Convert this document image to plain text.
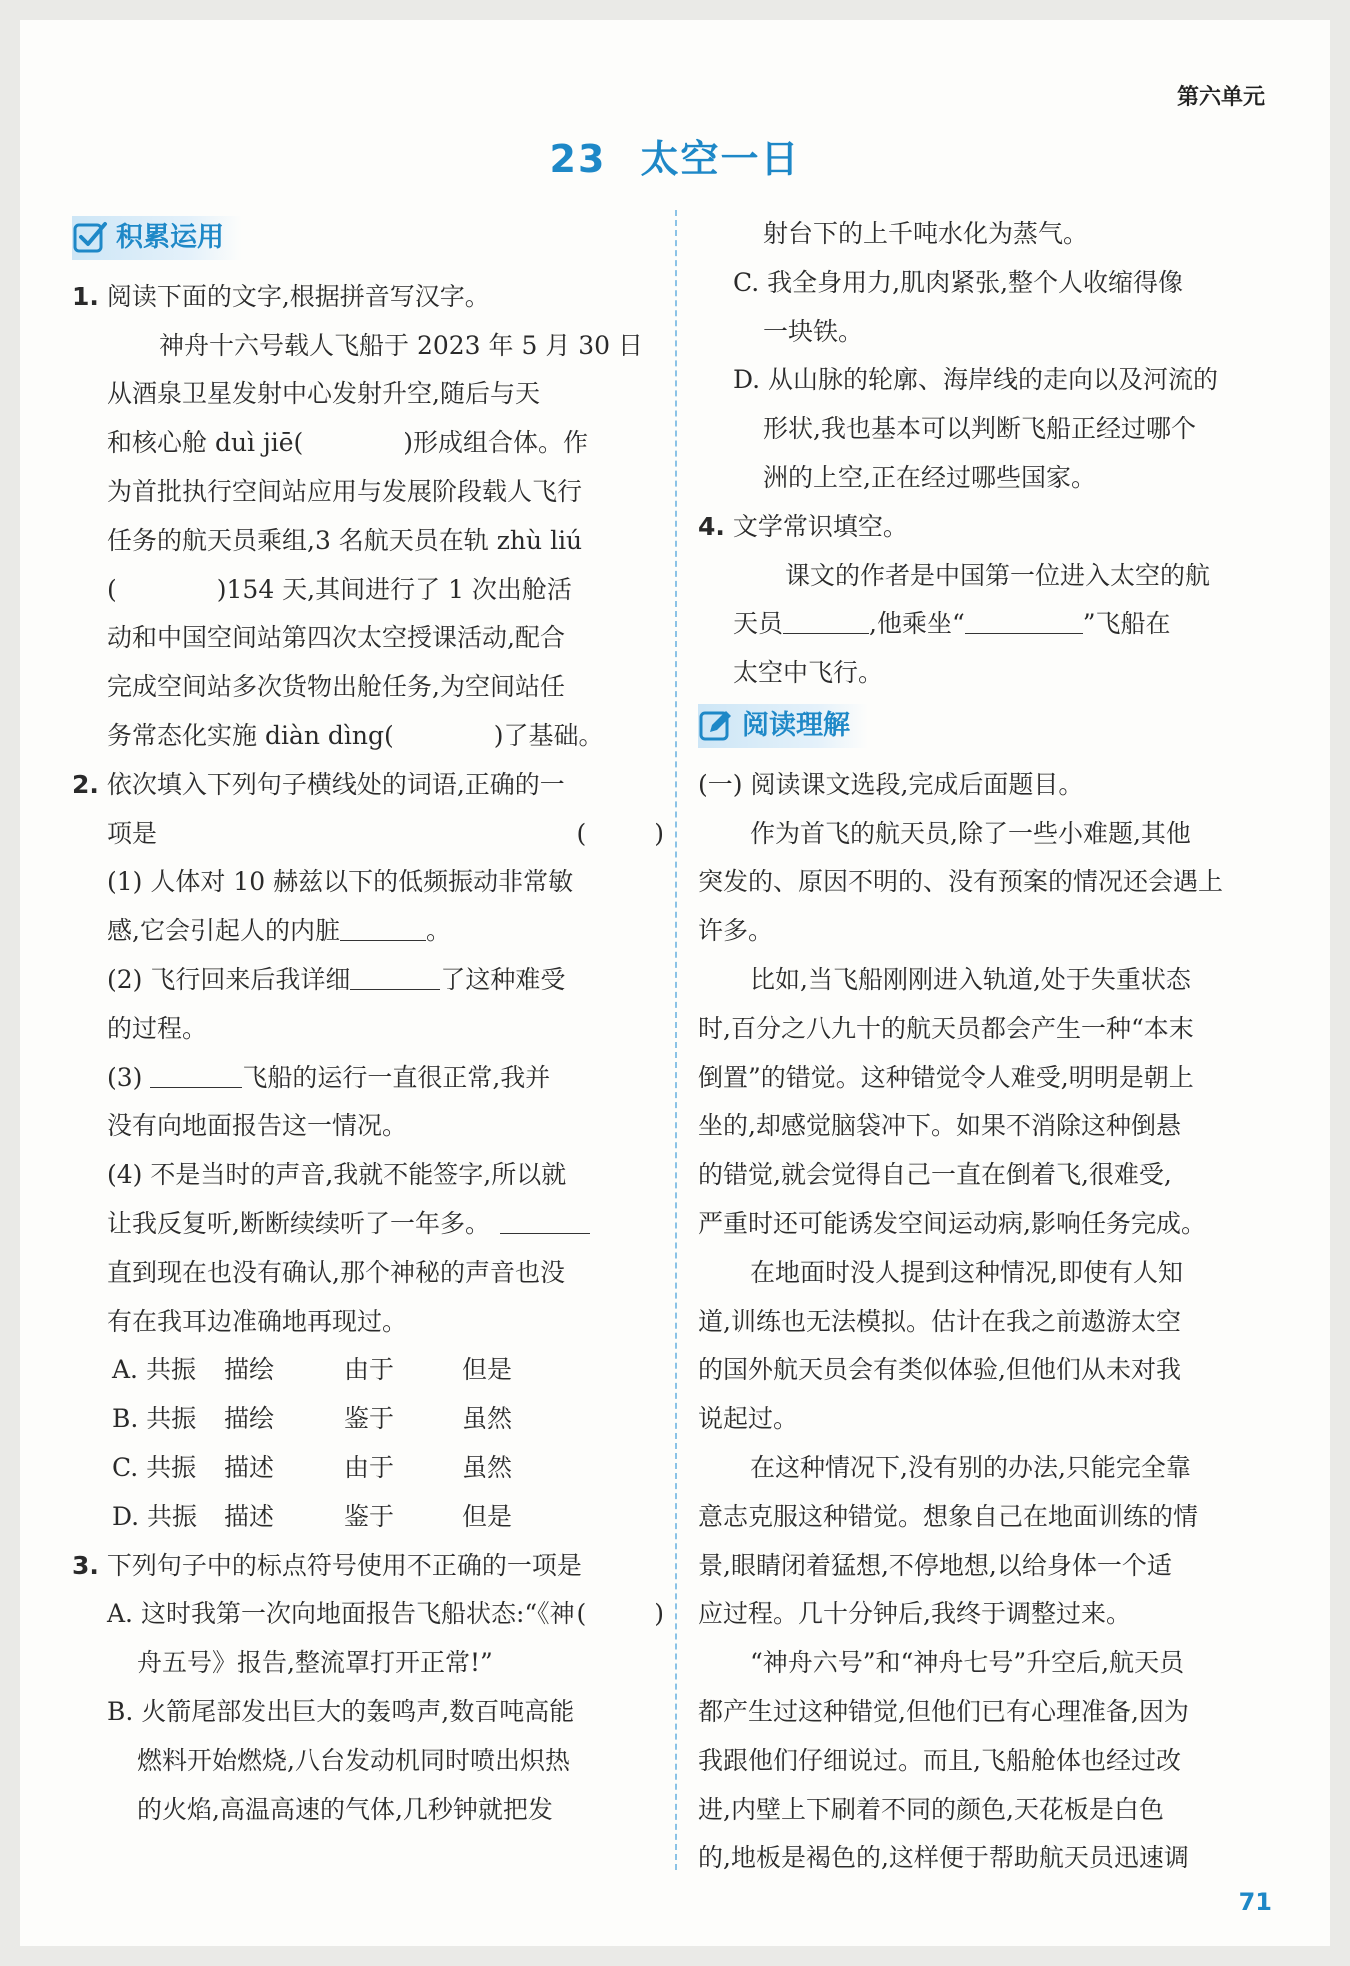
第六单元
23 太空一日
积累运用

1. 阅读下面的文字,根据拼音写汉字。

神舟十六号载人飞船于 2023 年 5 月 30 日

从酒泉卫星发射中心发射升空,随后与天

和核心舱 duì jiē(　　　　)形成组合体。作

为首批执行空间站应用与发展阶段载人飞行

任务的航天员乘组,3 名航天员在轨 zhù liú

(　　　　)154 天,其间进行了 1 次出舱活

动和中国空间站第四次太空授课活动,配合

完成空间站多次货物出舱任务,为空间站任

务常态化实施 diàn dìng(　　　　)了基础。

2. 依次填入下列句子横线处的词语,正确的一

项是	( )

(1) 人体对 10 赫兹以下的低频振动非常敏

感,它会引起人的内脏	。

(2) 飞行回来后我详细	了这种难受

的过程。

(3)	飞船的运行一直很正常,我并

没有向地面报告这一情况。

(4) 不是当时的声音,我就不能签字,所以就

让我反复听,断断续续听了一年多。

直到现在也没有确认,那个神秘的声音也没

有在我耳边准确地再现过。

A. 共振	描绘	由于	但是
B. 共振	描绘	鉴于	虽然
C. 共振	描述	由于	虽然
D. 共振	描述	鉴于	但是

3. 下列句子中的标点符号使用不正确的一项是

( )

A. 这时我第一次向地面报告飞船状态:“《神

舟五号》报告,整流罩打开正常!”

B. 火箭尾部发出巨大的轰鸣声,数百吨高能

燃料开始燃烧,八台发动机同时喷出炽热

的火焰,高温高速的气体,几秒钟就把发

射台下的上千吨水化为蒸气。

C. 我全身用力,肌肉紧张,整个人收缩得像

一块铁。

D. 从山脉的轮廓、海岸线的走向以及河流的

形状,我也基本可以判断飞船正经过哪个

洲的上空,正在经过哪些国家。

4. 文学常识填空。

课文的作者是中国第一位进入太空的航

天员	,他乘坐“	”飞船在

太空中飞行。

阅读理解

(一) 阅读课文选段,完成后面题目。

作为首飞的航天员,除了一些小难题,其他

突发的、原因不明的、没有预案的情况还会遇上

许多。

比如,当飞船刚刚进入轨道,处于失重状态

时,百分之八九十的航天员都会产生一种“本末

倒置”的错觉。这种错觉令人难受,明明是朝上

坐的,却感觉脑袋冲下。如果不消除这种倒悬

的错觉,就会觉得自己一直在倒着飞,很难受,

严重时还可能诱发空间运动病,影响任务完成。

在地面时没人提到这种情况,即使有人知

道,训练也无法模拟。估计在我之前遨游太空

的国外航天员会有类似体验,但他们从未对我

说起过。

在这种情况下,没有别的办法,只能完全靠

意志克服这种错觉。想象自己在地面训练的情

景,眼睛闭着猛想,不停地想,以给身体一个适

应过程。几十分钟后,我终于调整过来。

“神舟六号”和“神舟七号”升空后,航天员

都产生过这种错觉,但他们已有心理准备,因为

我跟他们仔细说过。而且,飞船舱体也经过改

进,内壁上下刷着不同的颜色,天花板是白色

的,地板是褐色的,这样便于帮助航天员迅速调

71
